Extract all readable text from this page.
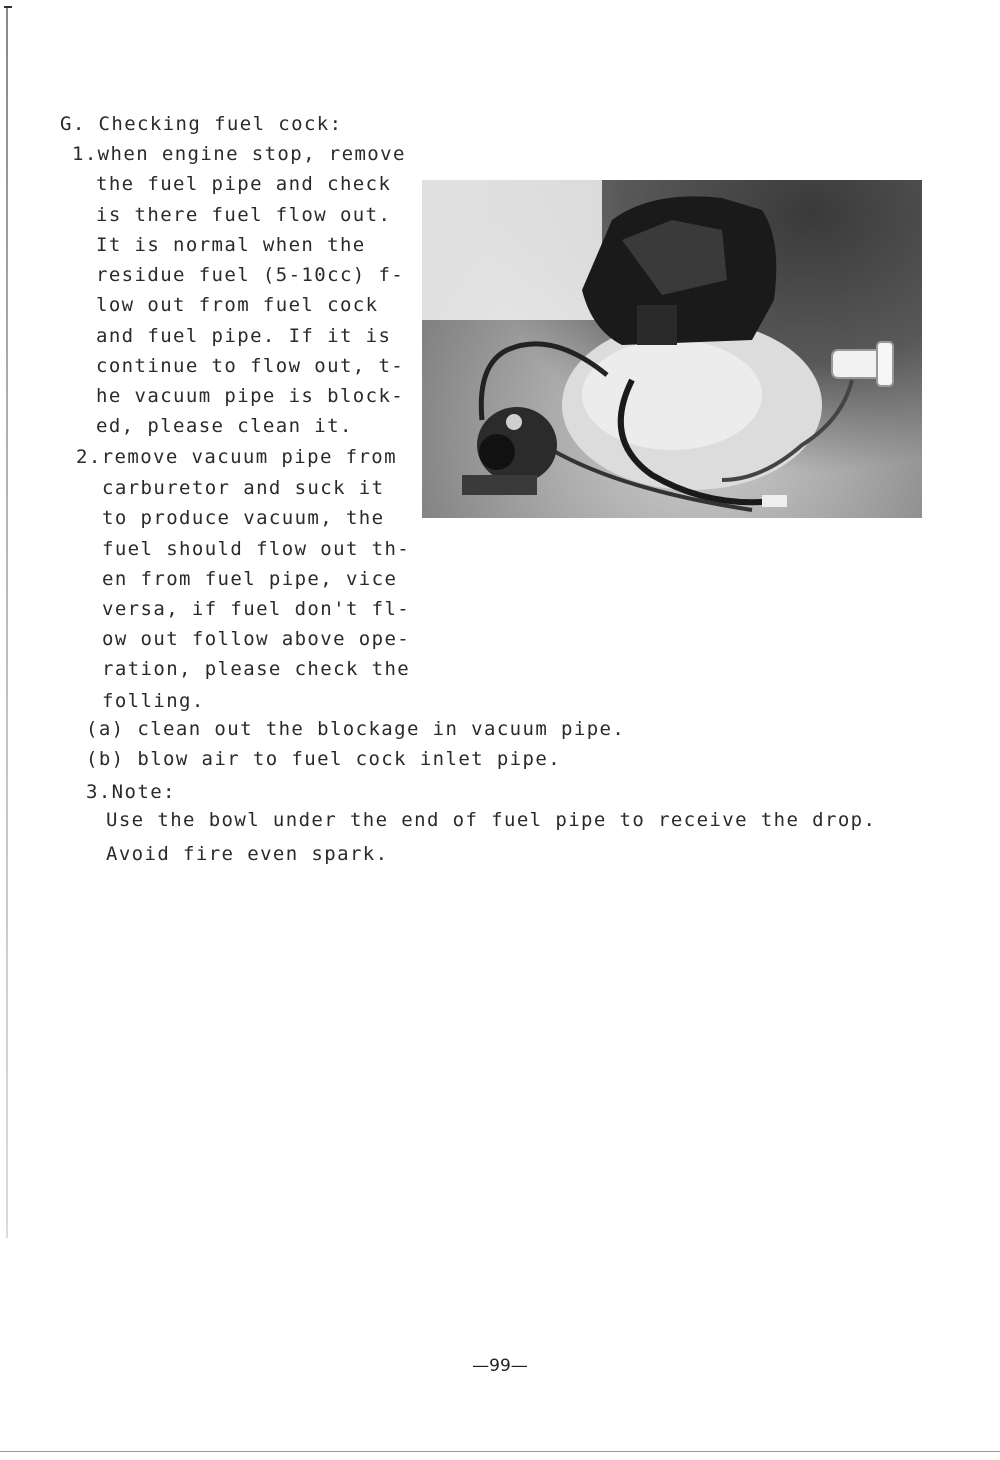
G. Checking fuel cock:

1.when engine stop, remove

the fuel pipe and check

is there fuel flow out.

It is normal when the

residue fuel (5-10cc) f-

low out from fuel cock

and fuel pipe. If it is

continue to flow out, t-

he vacuum pipe is block-

ed, please clean it.

2.remove vacuum pipe from

carburetor and suck it

to produce vacuum, the

fuel should flow out th-

en from fuel pipe, vice

versa, if fuel don't fl-

ow out follow above ope-

ration, please check the

folling.

(a) clean out the blockage in vacuum pipe.

(b) blow air to fuel cock inlet pipe.

3.Note:

Use the bowl under the end of fuel pipe to receive the drop.

Avoid fire even spark.

—99—
